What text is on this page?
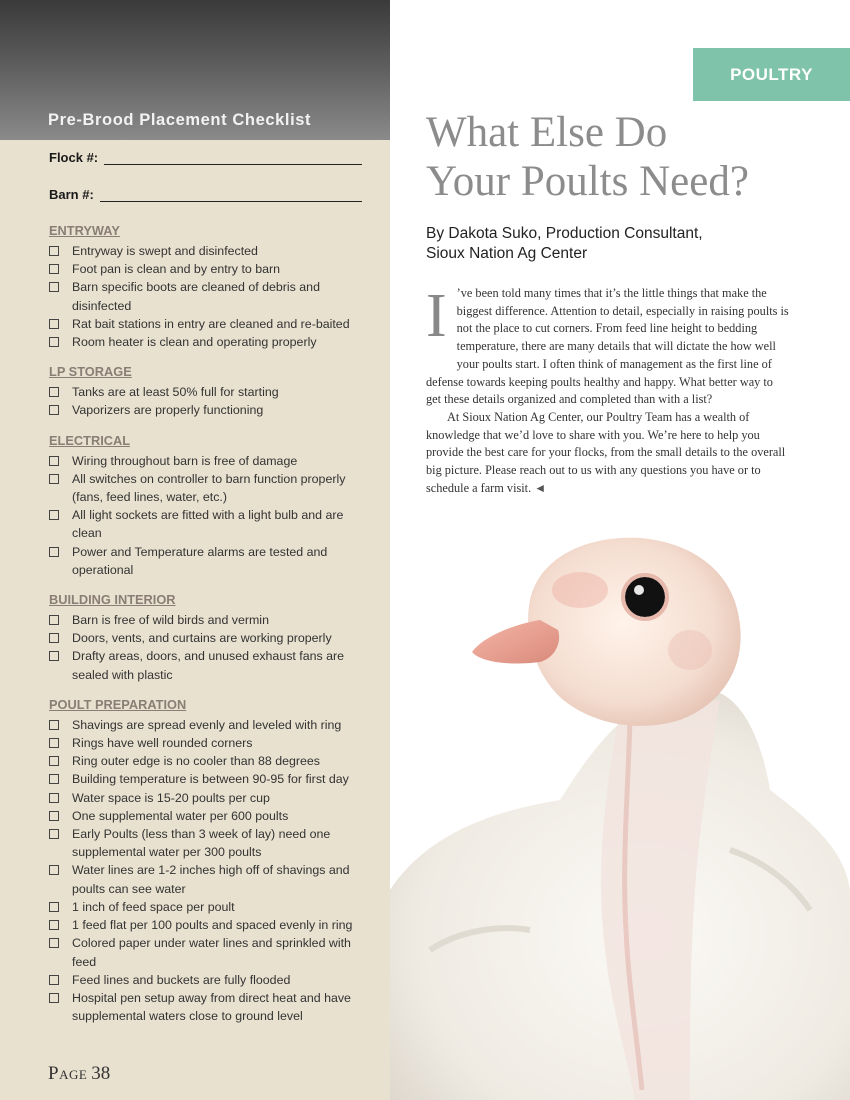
Pre-Brood Placement Checklist
Flock #:
Barn #:
ENTRYWAY
Entryway is swept and disinfected
Foot pan is clean and by entry to barn
Barn specific boots are cleaned of debris and disinfected
Rat bait stations in entry are cleaned and re-baited
Room heater is clean and operating properly
LP STORAGE
Tanks are at least 50% full for starting
Vaporizers are properly functioning
ELECTRICAL
Wiring throughout barn is free of damage
All switches on controller to barn function properly (fans, feed lines, water, etc.)
All light sockets are fitted with a light bulb and are clean
Power and Temperature alarms are tested and operational
BUILDING INTERIOR
Barn is free of wild birds and vermin
Doors, vents, and curtains are working properly
Drafty areas, doors, and unused exhaust fans are sealed with plastic
POULT PREPARATION
Shavings are spread evenly and leveled with ring
Rings have well rounded corners
Ring outer edge is no cooler than 88 degrees
Building temperature is between 90-95 for first day
Water space is 15-20 poults per cup
One supplemental water per 600 poults
Early Poults (less than 3 week of lay) need one supplemental water per 300 poults
Water lines are 1-2 inches high off of shavings and poults can see water
1 inch of feed space per poult
1 feed flat per 100 poults and spaced evenly in ring
Colored paper under water lines and sprinkled with feed
Feed lines and buckets are fully flooded
Hospital pen setup away from direct heat and have supplemental waters close to ground level
Page 38
POULTRY
What Else Do
Your Poults Need?
By Dakota Suko, Production Consultant,
Sioux Nation Ag Center

I ’ve been told many times that it’s the little things that make the biggest difference. Attention to detail, especially in raising poults is not the place to cut corners. From feed line height to bedding temperature, there are many details that will dictate the how well your poults start. I often think of management as the first line of defense towards keeping poults healthy and happy. What better way to get these details organized and completed than with a list?

At Sioux Nation Ag Center, our Poultry Team has a wealth of knowledge that we’d love to share with you. We’re here to help you provide the best care for your flocks, from the small details to the overall big picture. Please reach out to us with any questions you have or to schedule a farm visit. ◄
